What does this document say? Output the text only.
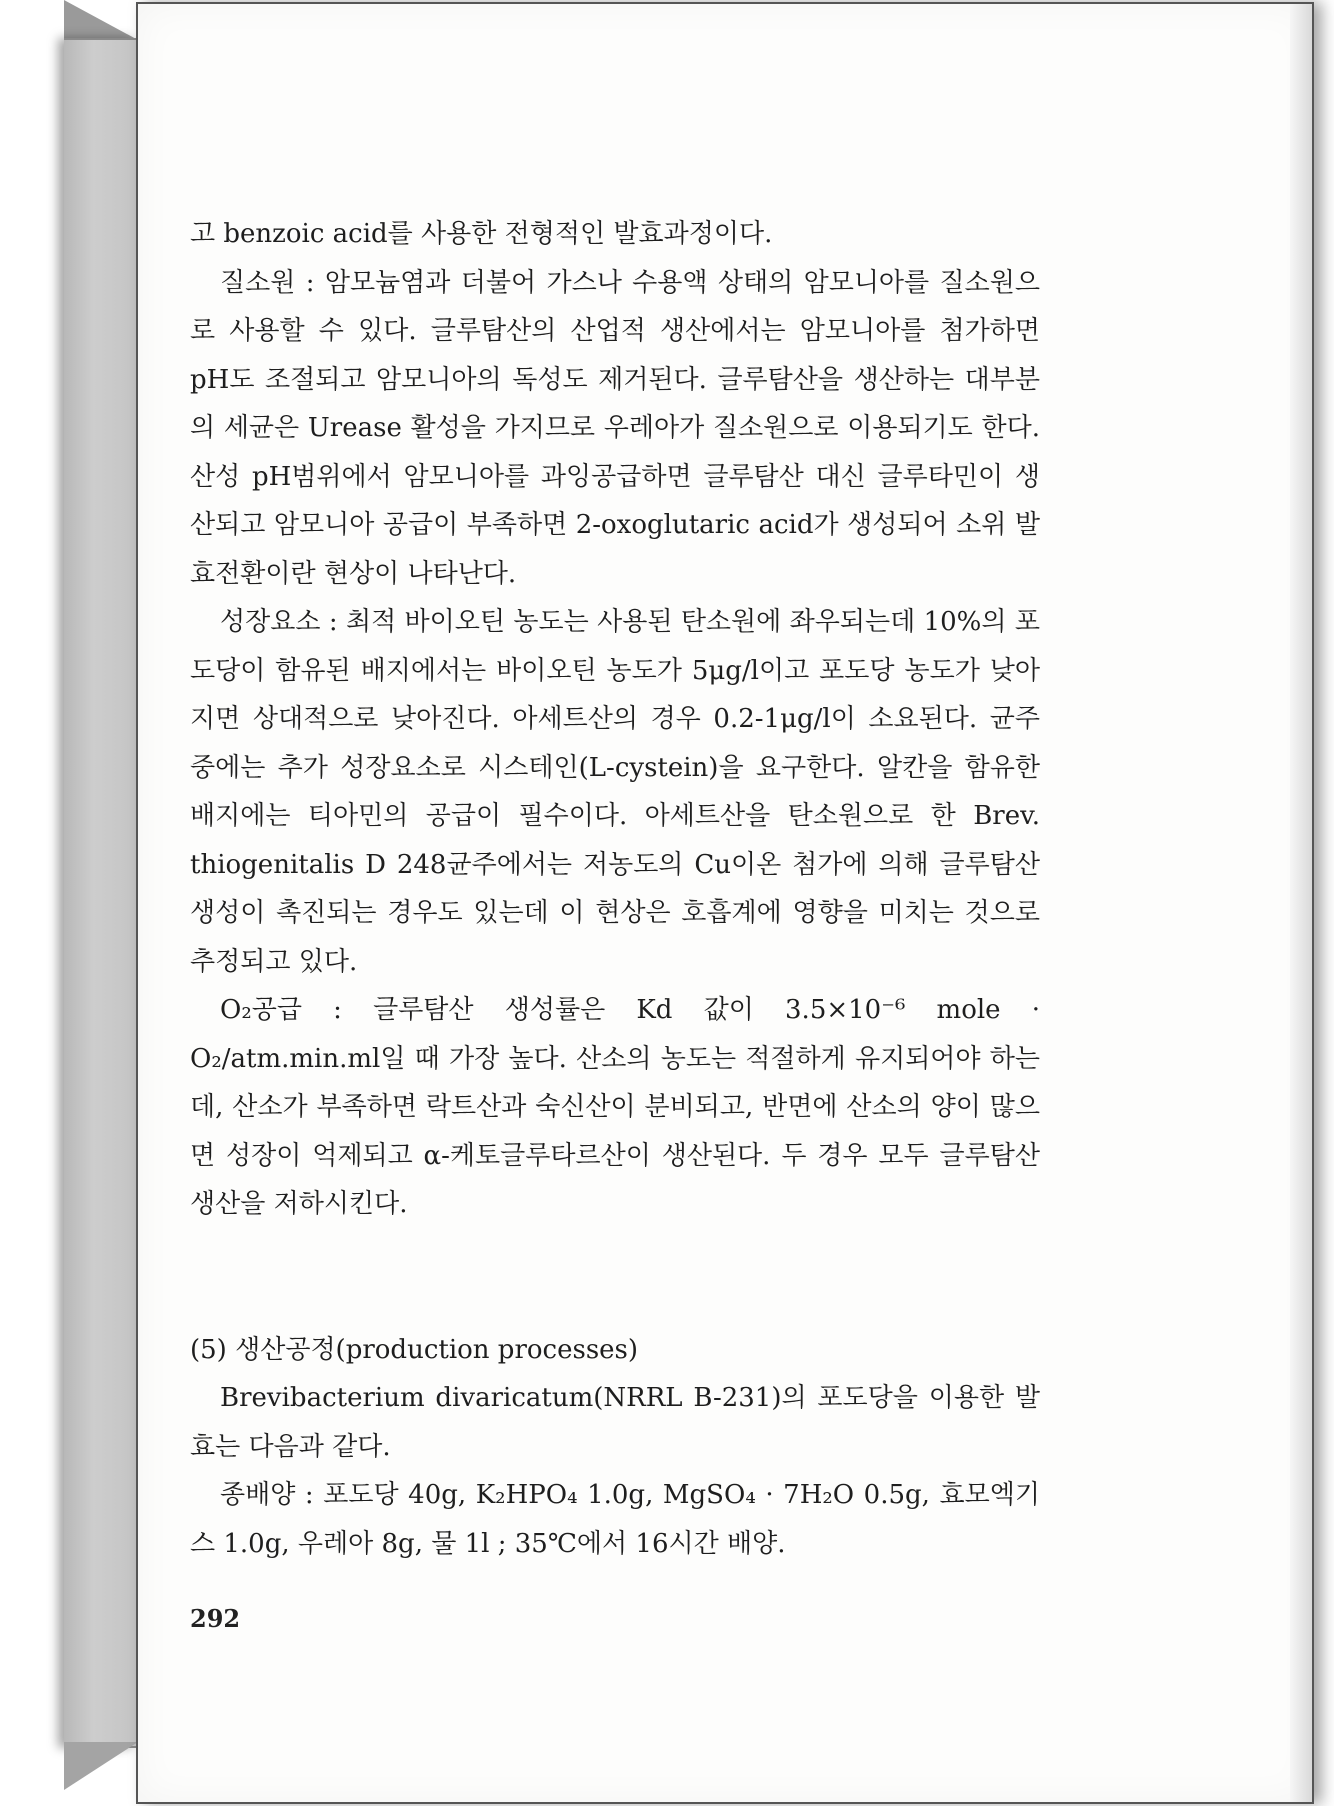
고 benzoic acid를 사용한 전형적인 발효과정이다.

질소원 : 암모늄염과 더불어 가스나 수용액 상태의 암모니아를 질소원으로 사용할 수 있다. 글루탐산의 산업적 생산에서는 암모니아를 첨가하면 pH도 조절되고 암모니아의 독성도 제거된다. 글루탐산을 생산하는 대부분의 세균은 Urease 활성을 가지므로 우레아가 질소원으로 이용되기도 한다. 산성 pH범위에서 암모니아를 과잉공급하면 글루탐산 대신 글루타민이 생산되고 암모니아 공급이 부족하면 2-oxoglutaric acid가 생성되어 소위 발효전환이란 현상이 나타난다.

성장요소 : 최적 바이오틴 농도는 사용된 탄소원에 좌우되는데 10%의 포도당이 함유된 배지에서는 바이오틴 농도가 5μg/l이고 포도당 농도가 낮아지면 상대적으로 낮아진다. 아세트산의 경우 0.2-1μg/l이 소요된다. 균주 중에는 추가 성장요소로 시스테인(L-cystein)을 요구한다. 알칸을 함유한 배지에는 티아민의 공급이 필수이다. 아세트산을 탄소원으로 한 Brev. thiogenitalis D 248균주에서는 저농도의 Cu이온 첨가에 의해 글루탐산 생성이 촉진되는 경우도 있는데 이 현상은 호흡계에 영향을 미치는 것으로 추정되고 있다.

O₂공급 : 글루탐산 생성률은 Kd 값이 3.5×10⁻⁶ mole · O₂/atm.min.ml일 때 가장 높다. 산소의 농도는 적절하게 유지되어야 하는데, 산소가 부족하면 락트산과 숙신산이 분비되고, 반면에 산소의 양이 많으면 성장이 억제되고 α-케토글루타르산이 생산된다. 두 경우 모두 글루탐산 생산을 저하시킨다.

(5) 생산공정(production processes)

Brevibacterium divaricatum(NRRL B-231)의 포도당을 이용한 발효는 다음과 같다.

종배양 : 포도당 40g, K₂HPO₄ 1.0g, MgSO₄ · 7H₂O 0.5g, 효모엑기스 1.0g, 우레아 8g, 물 1l ; 35℃에서 16시간 배양.

292
